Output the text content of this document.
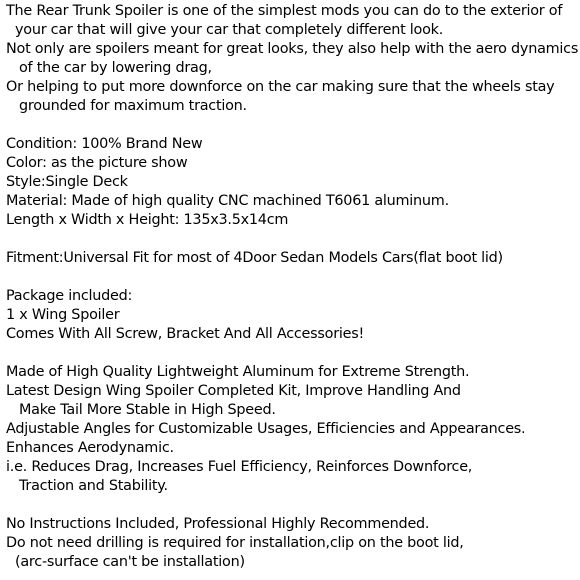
The Rear Trunk Spoiler is one of the simplest mods you can do to the exterior of
your car that will give your car that completely different look.
Not only are spoilers meant for great looks, they also help with the aero dynamics
of the car by lowering drag,
Or helping to put more downforce on the car making sure that the wheels stay
grounded for maximum traction.
Condition: 100% Brand New
Color: as the picture show
Style:Single Deck
Material: Made of high quality CNC machined T6061 aluminum.
Length x Width x Height: 135x3.5x14cm
Fitment:Universal Fit for most of 4Door Sedan Models Cars(flat boot lid)
Package included:
1 x Wing Spoiler
Comes With All Screw, Bracket And All Accessories!
Made of High Quality Lightweight Aluminum for Extreme Strength.
Latest Design Wing Spoiler Completed Kit, Improve Handling And
Make Tail More Stable in High Speed.
Adjustable Angles for Customizable Usages, Efficiencies and Appearances.
Enhances Aerodynamic.
i.e. Reduces Drag, Increases Fuel Efficiency, Reinforces Downforce,
Traction and Stability.
No Instructions Included, Professional Highly Recommended.
Do not need drilling is required for installation,clip on the boot lid,
(arc-surface can't be installation)
